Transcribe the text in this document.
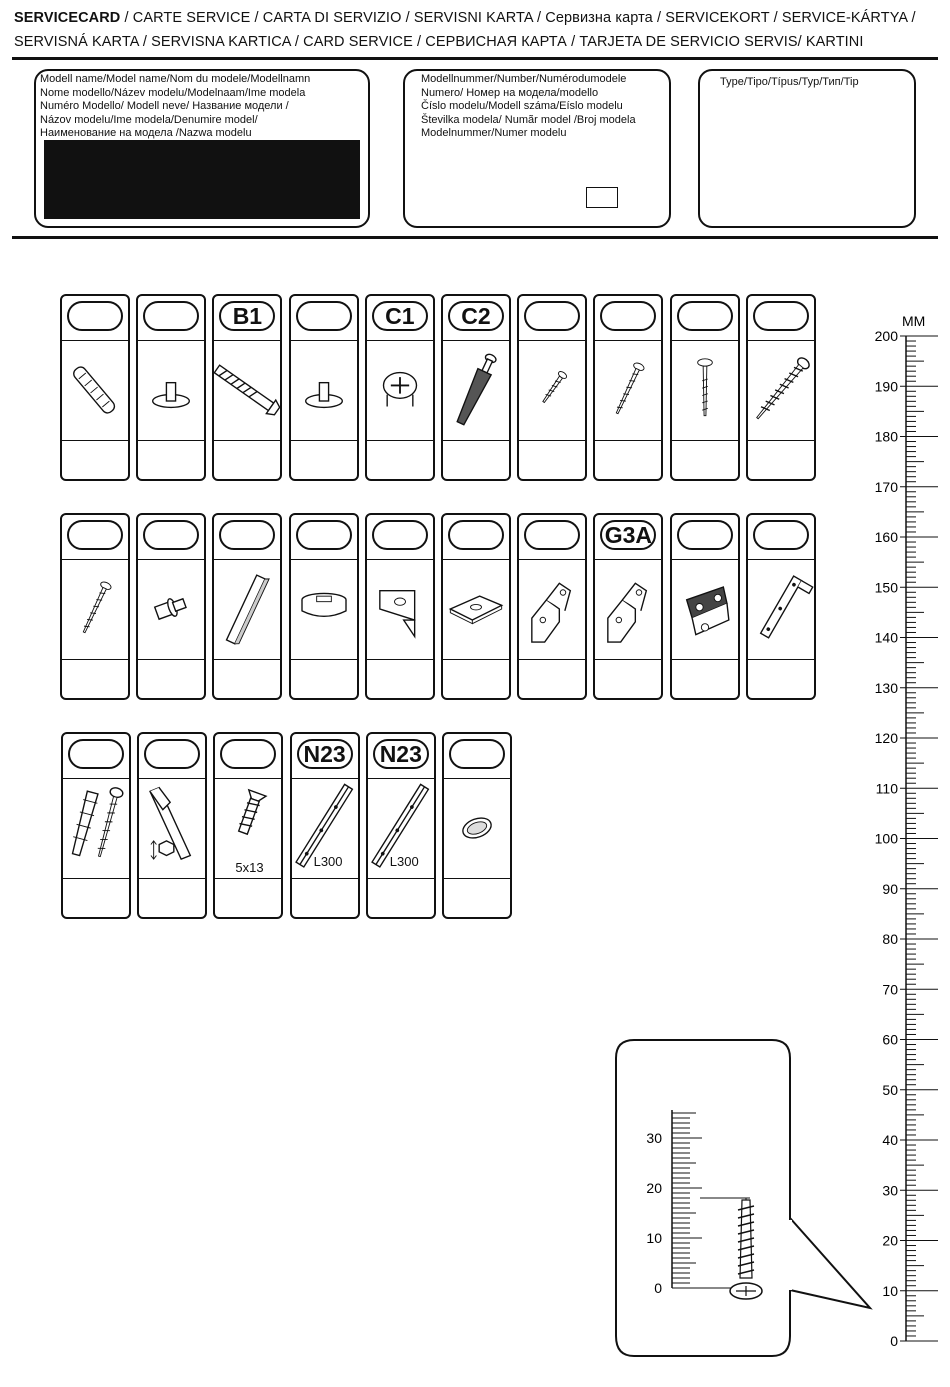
SERVICECARD / CARTE SERVICE / CARTA DI SERVIZIO / SERVISNI KARTA / Сервизна карта / SERVICEKORT / SERVICE-KÁRTYA /
SERVISNÁ KARTA / SERVISNA KARTICA / CARD SERVICE / СЕРВИСНАЯ КАРТА / TARJETA DE SERVICIO SERVIS/ KARTINI
Modell name/Model name/Nom du modele/Modellnamn
Nome modello/Název modelu/Modelnaam/Ime modela
Numéro Modello/ Modell neve/ Название модели /
Názov modelu/Ime modela/Denumire model/
Наименование на модела /Nazwa modelu
Modellnummer/Number/Numérodumodele
Numero/ Номер на модела/modello
Číslo modelu/Modell száma/Eíslo modelu
Številka modela/ Numãr model /Broj modela
Modelnummer/Numer modelu
Type/Tipo/Típus/Typ/Тип/Tip
B1	C1	C2
G3A
5x13
N23
L300
N23
L300
MM
200
190
180
170
160
150
140
130
120
110
100
90
80
70
60
50
40
30
20
10
0
30
20
10
0
